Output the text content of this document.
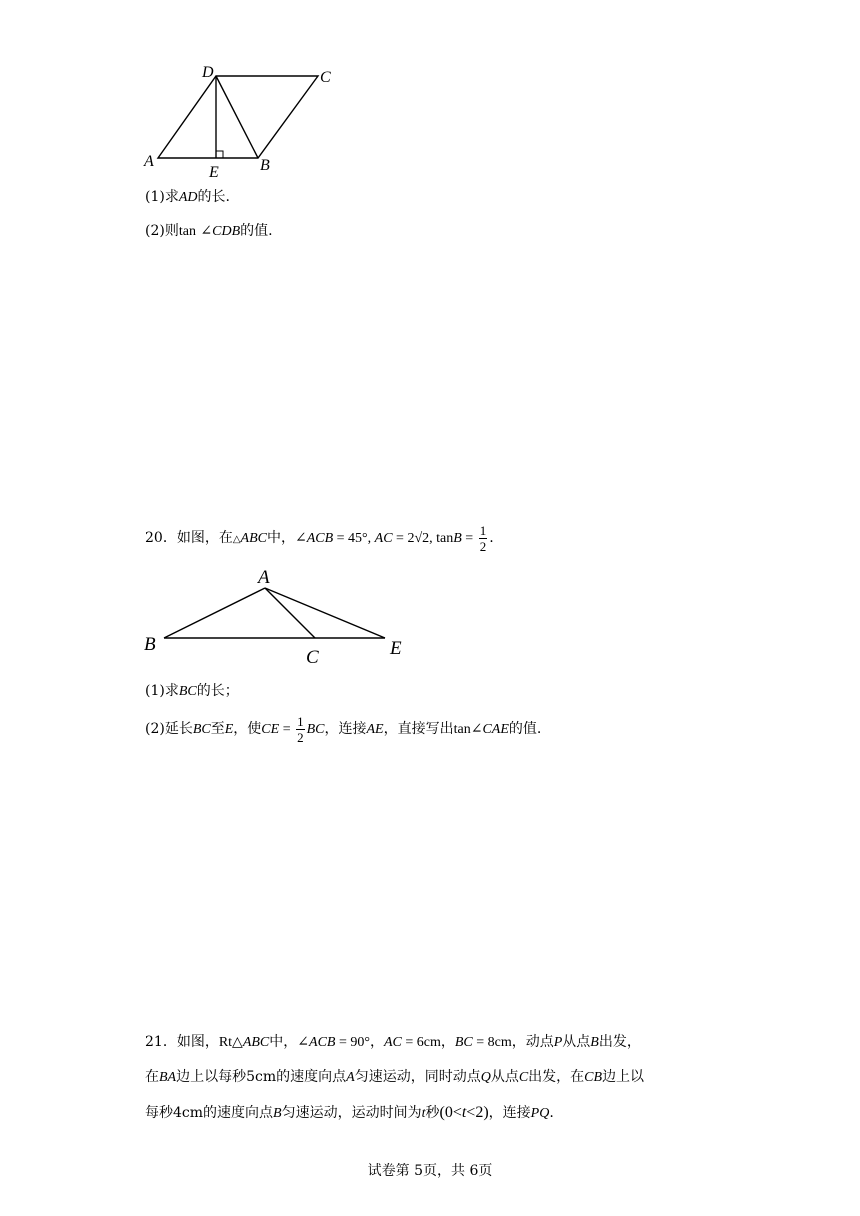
D	C
A
E	B
(1)求AD的长.
(2)则tan ∠CDB的值.
20．如图，在△ABC中，∠ACB = 45°, AC = 2√2, $\tan B = \frac{1}{2}$ .
A
B
C	E
(1)求BC的长；
(2)延长BC至E，使CE = $\frac{1}{2}$ BC，连接AE，直接写出tan∠CAE的值.
21．如图，Rt△ABC中，∠ACB = 90°，AC = 6cm，BC = 8cm，动点P从点B出发，
在BA边上以每秒5cm的速度向点A匀速运动，同时动点Q从点C出发，在CB边上以
每秒4cm的速度向点B匀速运动，运动时间为t秒(0<t<2)，连接PQ.
试卷第 5页，共 6页
